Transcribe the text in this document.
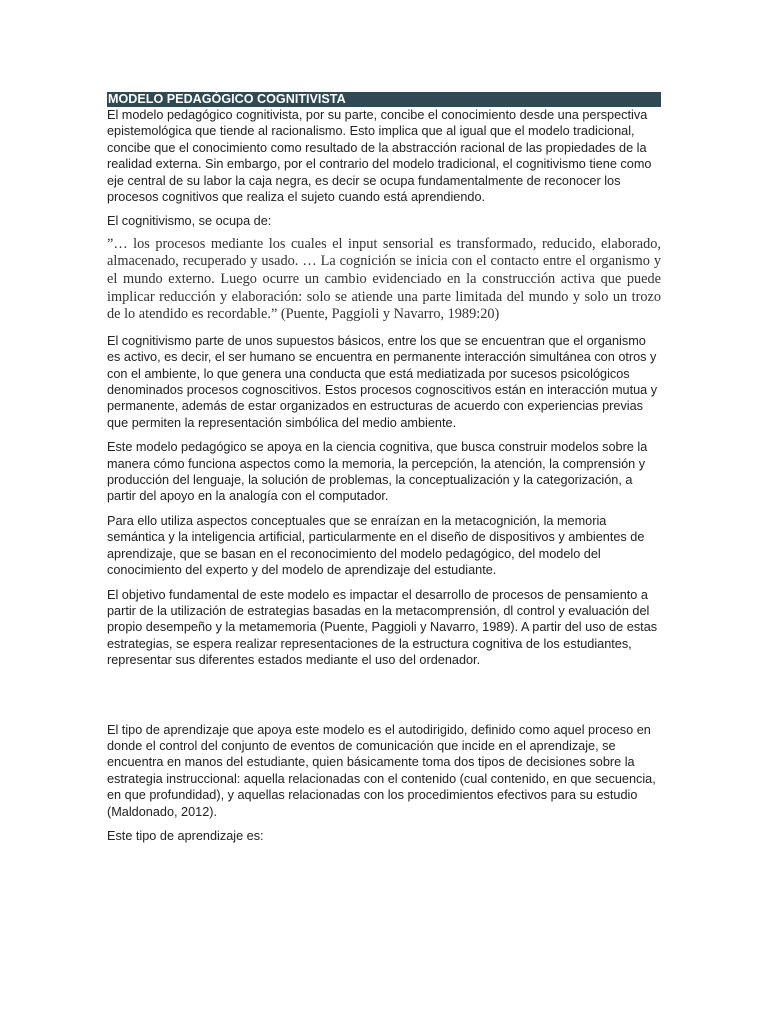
MODELO PEDAGÓGICO COGNITIVISTA

El modelo pedagógico cognitivista, por su parte, concibe el conocimiento desde una perspectiva epistemológica que tiende al racionalismo. Esto implica que al igual que el modelo tradicional, concibe que el conocimiento como resultado de la abstracción racional de las propiedades de la realidad externa. Sin embargo, por el contrario del modelo tradicional, el cognitivismo tiene como eje central de su labor la caja negra, es decir se ocupa fundamentalmente de reconocer los procesos cognitivos que realiza el sujeto cuando está aprendiendo.

El cognitivismo, se ocupa de:

”… los procesos mediante los cuales el input sensorial es transformado, reducido, elaborado, almacenado, recuperado y usado. … La cognición se inicia con el contacto entre el organismo y el mundo externo. Luego ocurre un cambio evidenciado en la construcción activa que puede implicar reducción y elaboración: solo se atiende una parte limitada del mundo y solo un trozo de lo atendido es recordable.” (Puente, Paggioli y Navarro, 1989:20)

El cognitivismo parte de unos supuestos básicos, entre los que se encuentran que el organismo es activo, es decir, el ser humano se encuentra en permanente interacción simultánea con otros y con el ambiente, lo que genera una conducta que está mediatizada por sucesos psicológicos denominados procesos cognoscitivos. Estos procesos cognoscitivos están en interacción mutua y permanente, además de estar organizados en estructuras de acuerdo con experiencias previas que permiten la representación simbólica del medio ambiente.

Este modelo pedagógico se apoya en la ciencia cognitiva, que busca construir modelos sobre la manera cómo funciona aspectos como la memoria, la percepción, la atención, la comprensión y producción del lenguaje, la solución de problemas, la conceptualización y la categorización, a partir del apoyo en la analogía con el computador.

Para ello utiliza aspectos conceptuales que se enraízan en la metacognición, la memoria semántica y la inteligencia artificial, particularmente en el diseño de dispositivos y ambientes de aprendizaje, que se basan en el reconocimiento del modelo pedagógico, del modelo del conocimiento del experto y del modelo de aprendizaje del estudiante.

El objetivo fundamental de este modelo es impactar el desarrollo de procesos de pensamiento a partir de la utilización de estrategias basadas en la metacomprensión, dl control y evaluación del propio desempeño y la metamemoria (Puente, Paggioli y Navarro, 1989). A partir del uso de estas estrategias, se espera realizar representaciones de la estructura cognitiva de los estudiantes, representar sus diferentes estados mediante el uso del ordenador.

El tipo de aprendizaje que apoya este modelo es el autodirigido, definido como aquel proceso en donde el control del conjunto de eventos de comunicación que incide en el aprendizaje, se encuentra en manos del estudiante, quien básicamente toma dos tipos de decisiones sobre la estrategia instruccional: aquella relacionadas con el contenido (cual contenido, en que secuencia, en que profundidad), y aquellas relacionadas con los procedimientos efectivos para su estudio (Maldonado, 2012).

Este tipo de aprendizaje es:
